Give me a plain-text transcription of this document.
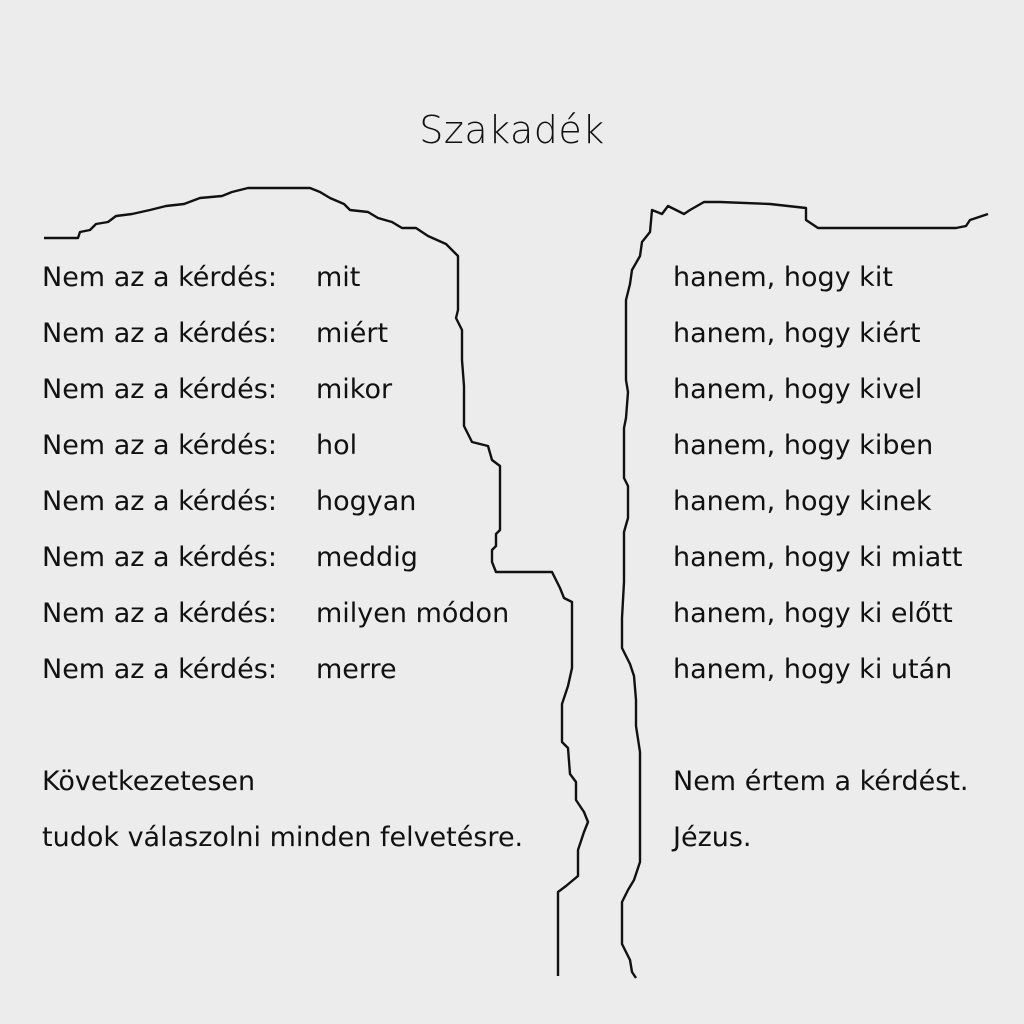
Szakadék
Nem az a kérdés: mit
Nem az a kérdés: miért
Nem az a kérdés: mikor
Nem az a kérdés: hol
Nem az a kérdés: hogyan
Nem az a kérdés: meddig
Nem az a kérdés: milyen módon
Nem az a kérdés: merre
hanem, hogy kit
hanem, hogy kiért
hanem, hogy kivel
hanem, hogy kiben
hanem, hogy kinek
hanem, hogy ki miatt
hanem, hogy ki előtt
hanem, hogy ki után
Következetesen
tudok válaszolni minden felvetésre.
Nem értem a kérdést.
Jézus.
